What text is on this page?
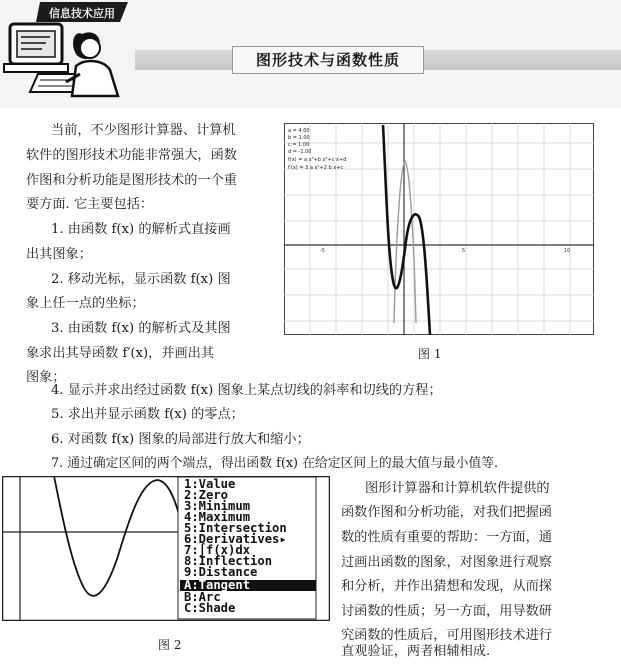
图形技术与函数性质
信息技术应用
当前，不少图形计算器、计算机
软件的图形技术功能非常强大，函数
作图和分析功能是图形技术的一个重
要方面. 它主要包括：
1. 由函数 f(x) 的解析式直接画
出其图象；
2. 移动光标，显示函数 f(x) 图
象上任一点的坐标；
3. 由函数 f(x) 的解析式及其图
象求出其导函数 f′(x)，并画出其
图象；
a = 4.00
b = 1.00
c = 1.00
d = -1.00
f(x) = a x³+b x²+c x+d
f′(x) = 3 a x²+2 b x+c
-5	5	10
图 1
4. 显示并求出经过函数 f(x) 图象上某点切线的斜率和切线的方程；
5. 求出并显示函数 f(x) 的零点；
6. 对函数 f(x) 图象的局部进行放大和缩小；
7. 通过确定区间的两个端点，得出函数 f(x) 在给定区间上的最大值与最小值等.
1:Value
2:Zero
3:Minimum
4:Maximum
5:Intersection
6:Derivatives▸
7:∫f(x)dx
8:Inflection
9:Distance
A:Tangent
B:Arc
C:Shade
图 2
图形计算器和计算机软件提供的
函数作图和分析功能，对我们把握函
数的性质有重要的帮助：一方面，通
过画出函数的图象，对图象进行观察
和分析，并作出猜想和发现，从而探
讨函数的性质；另一方面，用导数研
究函数的性质后，可用图形技术进行
直观验证，两者相辅相成.
